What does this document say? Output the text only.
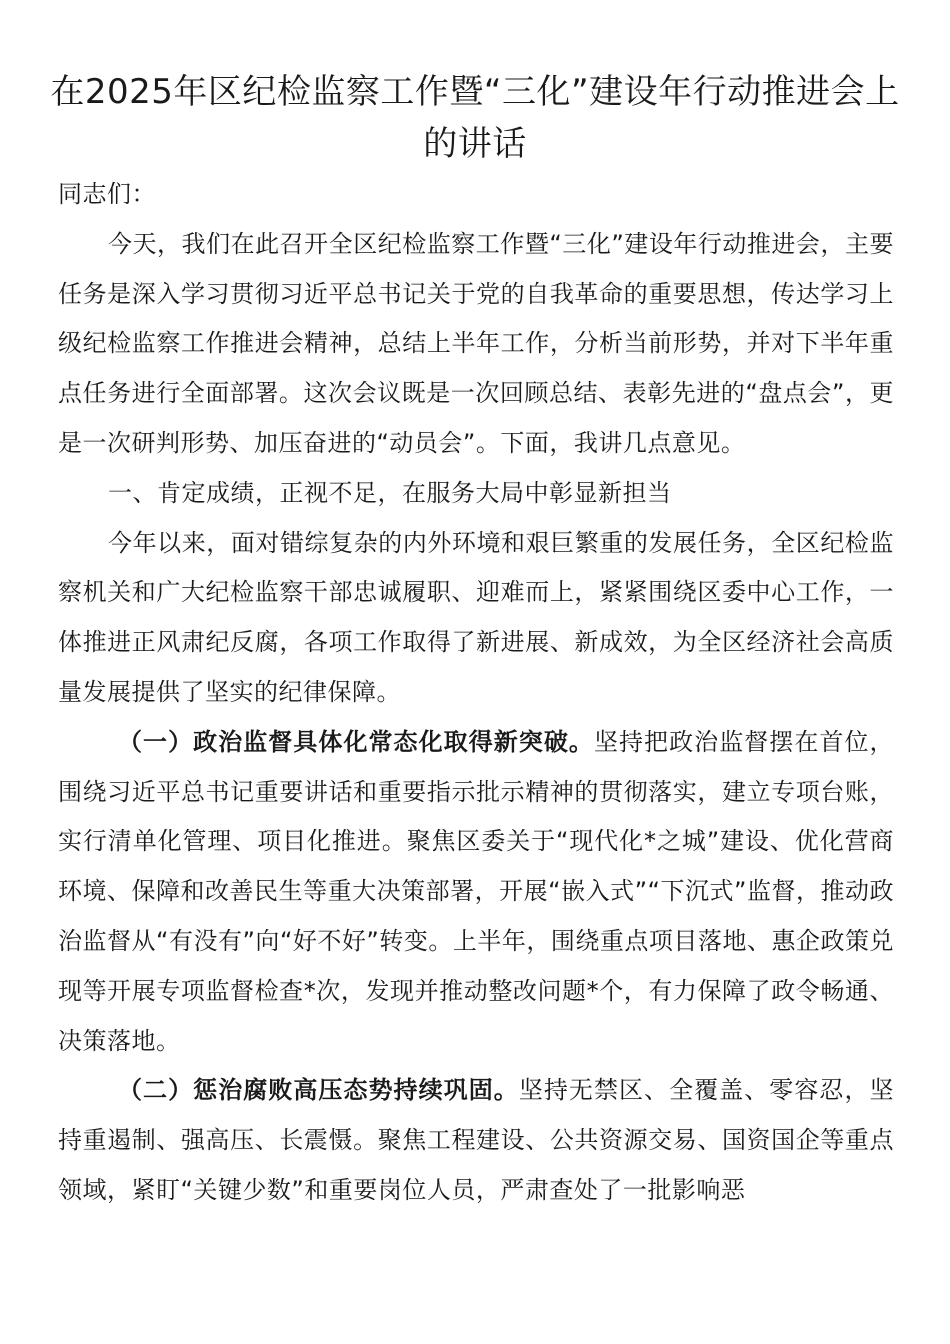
在2025年区纪检监察工作暨“三化”建设年行动推进会上的讲话

同志们：

今天，我们在此召开全区纪检监察工作暨“三化”建设年行动推进会，主要任务是深入学习贯彻习近平总书记关于党的自我革命的重要思想，传达学习上级纪检监察工作推进会精神，总结上半年工作，分析当前形势，并对下半年重点任务进行全面部署。这次会议既是一次回顾总结、表彰先进的“盘点会”，更是一次研判形势、加压奋进的“动员会”。下面，我讲几点意见。

一、肯定成绩，正视不足，在服务大局中彰显新担当

今年以来，面对错综复杂的内外环境和艰巨繁重的发展任务，全区纪检监察机关和广大纪检监察干部忠诚履职、迎难而上，紧紧围绕区委中心工作，一体推进正风肃纪反腐，各项工作取得了新进展、新成效，为全区经济社会高质量发展提供了坚实的纪律保障。

（一）政治监督具体化常态化取得新突破。坚持把政治监督摆在首位，围绕习近平总书记重要讲话和重要指示批示精神的贯彻落实，建立专项台账，实行清单化管理、项目化推进。聚焦区委关于“现代化*之城”建设、优化营商环境、保障和改善民生等重大决策部署，开展“嵌入式”“下沉式”监督，推动政治监督从“有没有”向“好不好”转变。上半年，围绕重点项目落地、惠企政策兑现等开展专项监督检查*次，发现并推动整改问题*个，有力保障了政令畅通、决策落地。

（二）惩治腐败高压态势持续巩固。坚持无禁区、全覆盖、零容忍，坚持重遏制、强高压、长震慑。聚焦工程建设、公共资源交易、国资国企等重点领域，紧盯“关键少数”和重要岗位人员，严肃查处了一批影响恶
